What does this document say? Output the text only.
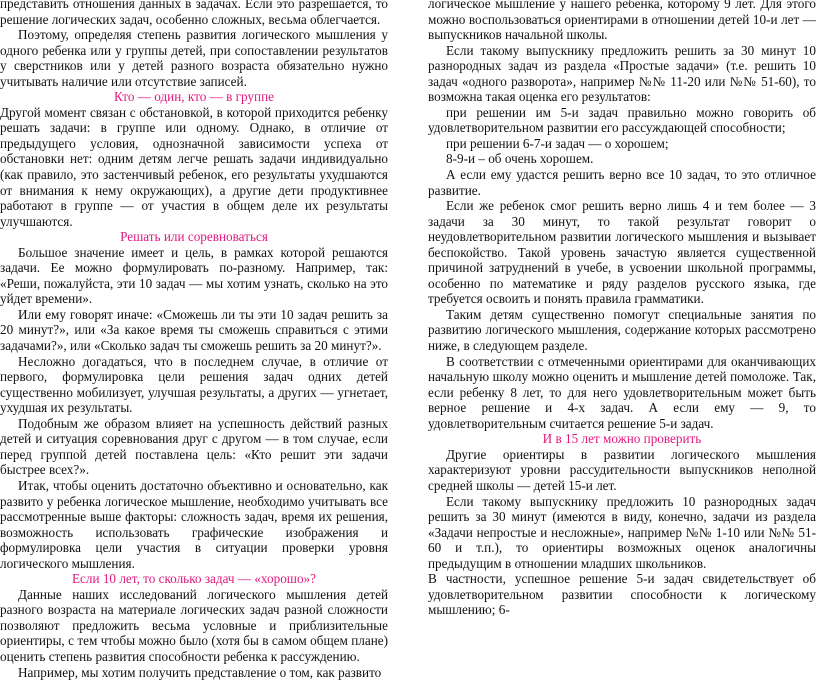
представить отношения данных в задачах. Если это разрешается, то решение логических задач, особенно сложных, весьма облегчается.

Поэтому, определяя степень развития логического мышления у одного ребенка или у группы детей, при сопоставлении результатов у сверстников или у детей разного возраста обязательно нужно учитывать наличие или отсутствие записей.

Кто — один, кто — в группе

Другой момент связан с обстановкой, в которой приходится ребенку решать задачи: в группе или одному. Однако, в отличие от предыдущего условия, однозначной зависимости успеха от обстановки нет: одним детям легче решать задачи индивидуально (как правило, это застенчивый ребенок, его результаты ухудшаются от внимания к нему окружающих), а другие дети продуктивнее работают в группе — от участия в общем деле их результаты улучшаются.

Решать или соревноваться

Большое значение имеет и цель, в рамках которой решаются задачи. Ее можно формулировать по-разному. Например, так: «Реши, пожалуйста, эти 10 задач — мы хотим узнать, сколько на это уйдет времени».

Или ему говорят иначе: «Сможешь ли ты эти 10 задач решить за 20 минут?», или «За какое время ты сможешь справиться с этими задачами?», или «Сколько задач ты сможешь решить за 20 минут?».

Несложно догадаться, что в последнем случае, в отличие от первого, формулировка цели решения задач одних детей существенно мобилизует, улучшая результаты, а других — угнетает, ухудшая их результаты.

Подобным же образом влияет на успешность действий разных детей и ситуация соревнования друг с другом — в том случае, если перед группой детей поставлена цель: «Кто решит эти задачи быстрее всех?».

Итак, чтобы оценить достаточно объективно и основательно, как развито у ребенка логическое мышление, необходимо учитывать все рассмотренные выше факторы: сложность задач, время их решения, возможность использовать графические изображения и формулировка цели участия в ситуации проверки уровня логического мышления.

Если 10 лет, то сколько задач — «хорошо»?

Данные наших исследований логического мышления детей разного возраста на материале логических задач разной сложности позволяют предложить весьма условные и приблизительные ориентиры, с тем чтобы можно было (хотя бы в самом общем плане) оценить степень развития способности ребенка к рассуждению.

Например, мы хотим получить представление о том, как развито

логическое мышление у нашего ребенка, которому 9 лет. Для этого можно воспользоваться ориентирами в отношении детей 10-и лет — выпускников начальной школы.

Если такому выпускнику предложить решить за 30 минут 10 разнородных задач из раздела «Простые задачи» (т.е. решить 10 задач «одного разворота», например №№ 11-20 или №№ 51-60), то возможна такая оценка его результатов:

при решении им 5-и задач правильно можно говорить об удовлетворительном развитии его рассуждающей способности;

при решении 6-7-и задач — о хорошем;

8-9-и – об очень хорошем.

А если ему удастся решить верно все 10 задач, то это отличное развитие.

Если же ребенок смог решить верно лишь 4 и тем более — 3 задачи за 30 минут, то такой результат говорит о неудовлетворительном развитии логического мышления и вызывает беспокойство. Такой уровень зачастую является существенной причиной затруднений в учебе, в усвоении школьной программы, особенно по математике и ряду разделов русского языка, где требуется освоить и понять правила грамматики.

Таким детям существенно помогут специальные занятия по развитию логического мышления, содержание которых рассмотрено ниже, в следующем разделе.

В соответствии с отмеченными ориентирами для оканчивающих начальную школу можно оценить и мышление детей помоложе. Так, если ребенку 8 лет, то для него удовлетворительным может быть верное решение и 4-х задач. А если ему — 9, то удовлетворительным считается решение 5-и задач.

И в 15 лет можно проверить

Другие ориентиры в развитии логического мышления характеризуют уровни рассудительности выпускников неполной средней школы — детей 15-и лет.

Если такому выпускнику предложить 10 разнородных задач решить за 30 минут (имеются в виду, конечно, задачи из раздела «Задачи непростые и несложные», например №№ 1-10 или №№ 51-60 и т.п.), то ориентиры возможных оценок аналогичны предыдущим в отношении младших школьников.

В частности, успешное решение 5-и задач свидетельствует об удовлетворительном развитии способности к логическому мышлению; 6-
